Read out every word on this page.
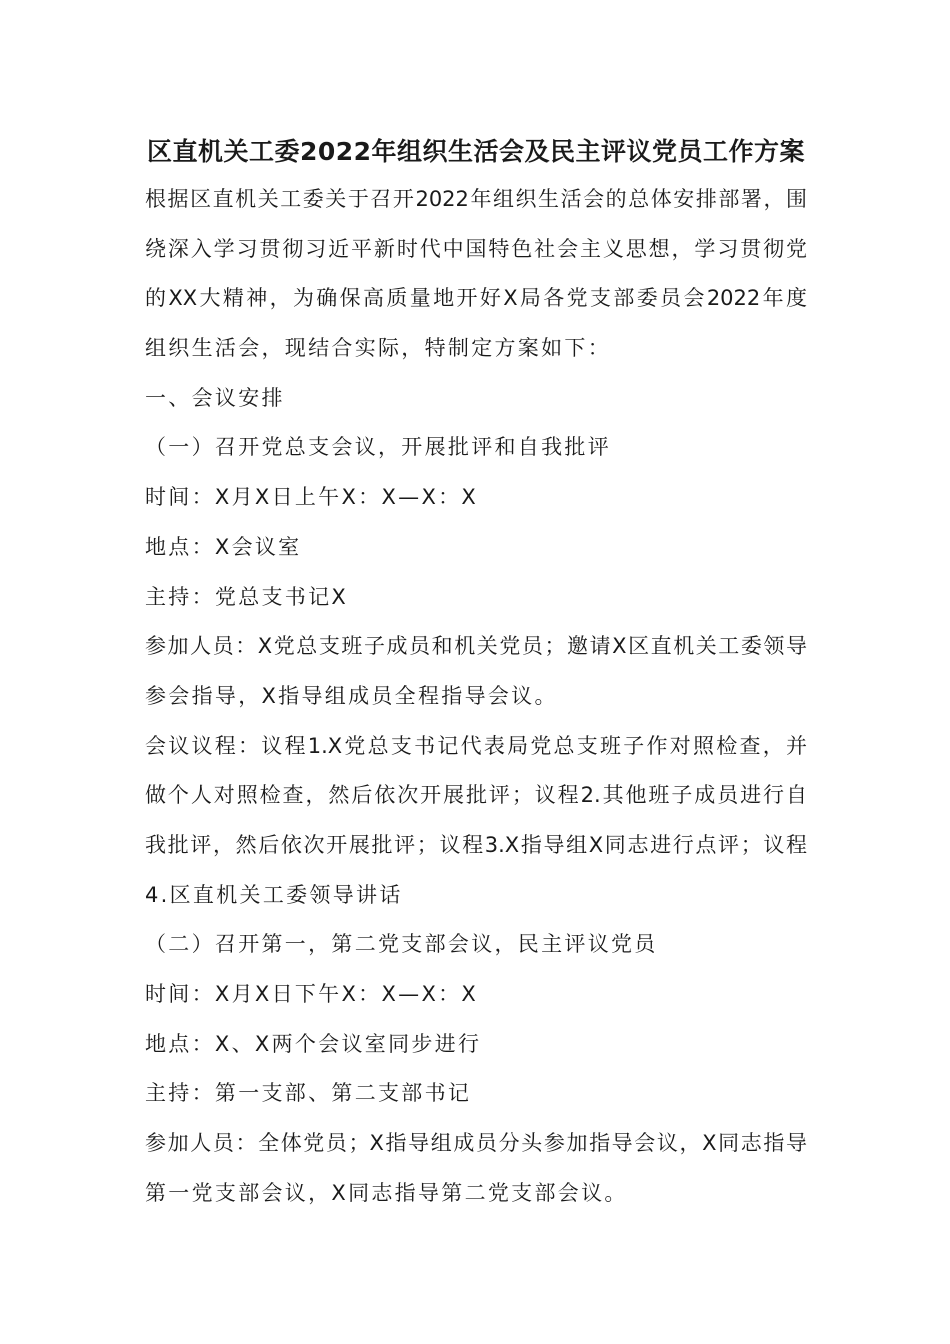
区直机关工委2022年组织生活会及民主评议党员工作方案
根据区直机关工委关于召开2022年组织生活会的总体安排部署，围
绕深入学习贯彻习近平新时代中国特色社会主义思想，学习贯彻党
的XX大精神，为确保高质量地开好X局各党支部委员会2022年度
组织生活会，现结合实际，特制定方案如下：
一、会议安排
（一）召开党总支会议，开展批评和自我批评
时间：X月X日上午X：X—X：X
地点：X会议室
主持：党总支书记X
参加人员：X党总支班子成员和机关党员；邀请X区直机关工委领导
参会指导，X指导组成员全程指导会议。
会议议程：议程1.X党总支书记代表局党总支班子作对照检查，并
做个人对照检查，然后依次开展批评；议程2.其他班子成员进行自
我批评，然后依次开展批评；议程3.X指导组X同志进行点评；议程
4.区直机关工委领导讲话
（二）召开第一，第二党支部会议，民主评议党员
时间：X月X日下午X：X—X：X
地点：X、X两个会议室同步进行
主持：第一支部、第二支部书记
参加人员：全体党员；X指导组成员分头参加指导会议，X同志指导
第一党支部会议，X同志指导第二党支部会议。
